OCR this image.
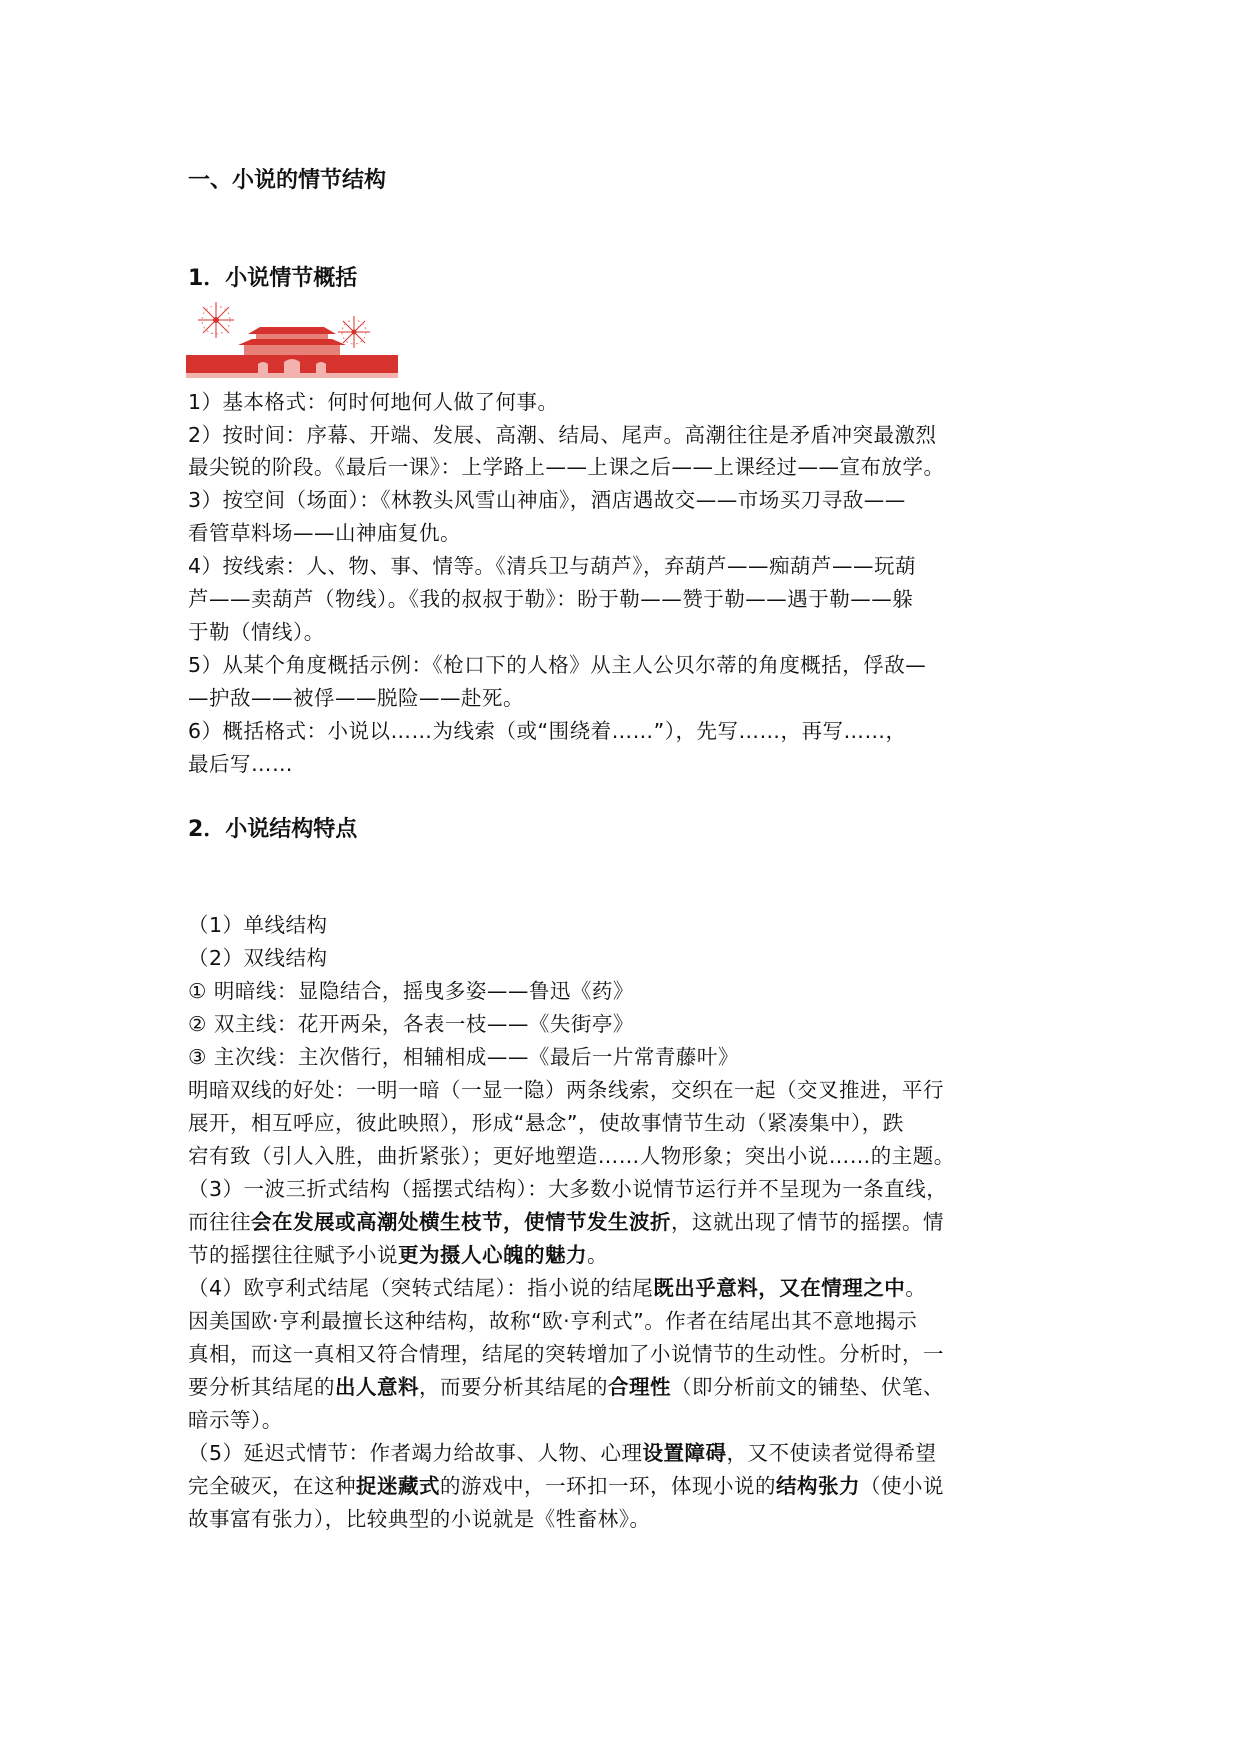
一、小说的情节结构
1．小说情节概括
1）基本格式：何时何地何人做了何事。
2）按时间：序幕、开端、发展、高潮、结局、尾声。高潮往往是矛盾冲突最激烈
最尖锐的阶段。《最后一课》：上学路上——上课之后——上课经过——宣布放学。
3）按空间（场面）：《林教头风雪山神庙》，酒店遇故交——市场买刀寻敌——
看管草料场——山神庙复仇。
4）按线索：人、物、事、情等。《清兵卫与葫芦》，弃葫芦——痴葫芦——玩葫
芦——卖葫芦（物线）。《我的叔叔于勒》：盼于勒——赞于勒——遇于勒——躲
于勒（情线）。
5）从某个角度概括示例：《枪口下的人格》从主人公贝尔蒂的角度概括，俘敌—
—护敌——被俘——脱险——赴死。
6）概括格式：小说以……为线索（或“围绕着……”），先写……，再写……，
最后写……
2．小说结构特点
（1）单线结构
（2）双线结构
① 明暗线：显隐结合，摇曳多姿——鲁迅《药》
② 双主线：花开两朵，各表一枝——《失街亭》
③ 主次线：主次偕行，相辅相成——《最后一片常青藤叶》
明暗双线的好处：一明一暗（一显一隐）两条线索，交织在一起（交叉推进，平行
展开，相互呼应，彼此映照），形成“悬念”，使故事情节生动（紧凑集中），跌
宕有致（引人入胜，曲折紧张）；更好地塑造……人物形象；突出小说……的主题。
（3）一波三折式结构（摇摆式结构）：大多数小说情节运行并不呈现为一条直线，
而往往会在发展或高潮处横生枝节，使情节发生波折，这就出现了情节的摇摆。情
节的摇摆往往赋予小说更为摄人心魄的魅力。
（4）欧亨利式结尾（突转式结尾）：指小说的结尾既出乎意料，又在情理之中。
因美国欧·亨利最擅长这种结构，故称“欧·亨利式”。作者在结尾出其不意地揭示
真相，而这一真相又符合情理，结尾的突转增加了小说情节的生动性。分析时，一
要分析其结尾的出人意料，而要分析其结尾的合理性（即分析前文的铺垫、伏笔、
暗示等）。
（5）延迟式情节：作者竭力给故事、人物、心理设置障碍，又不使读者觉得希望
完全破灭，在这种捉迷藏式的游戏中，一环扣一环，体现小说的结构张力（使小说
故事富有张力），比较典型的小说就是《牲畜林》。
